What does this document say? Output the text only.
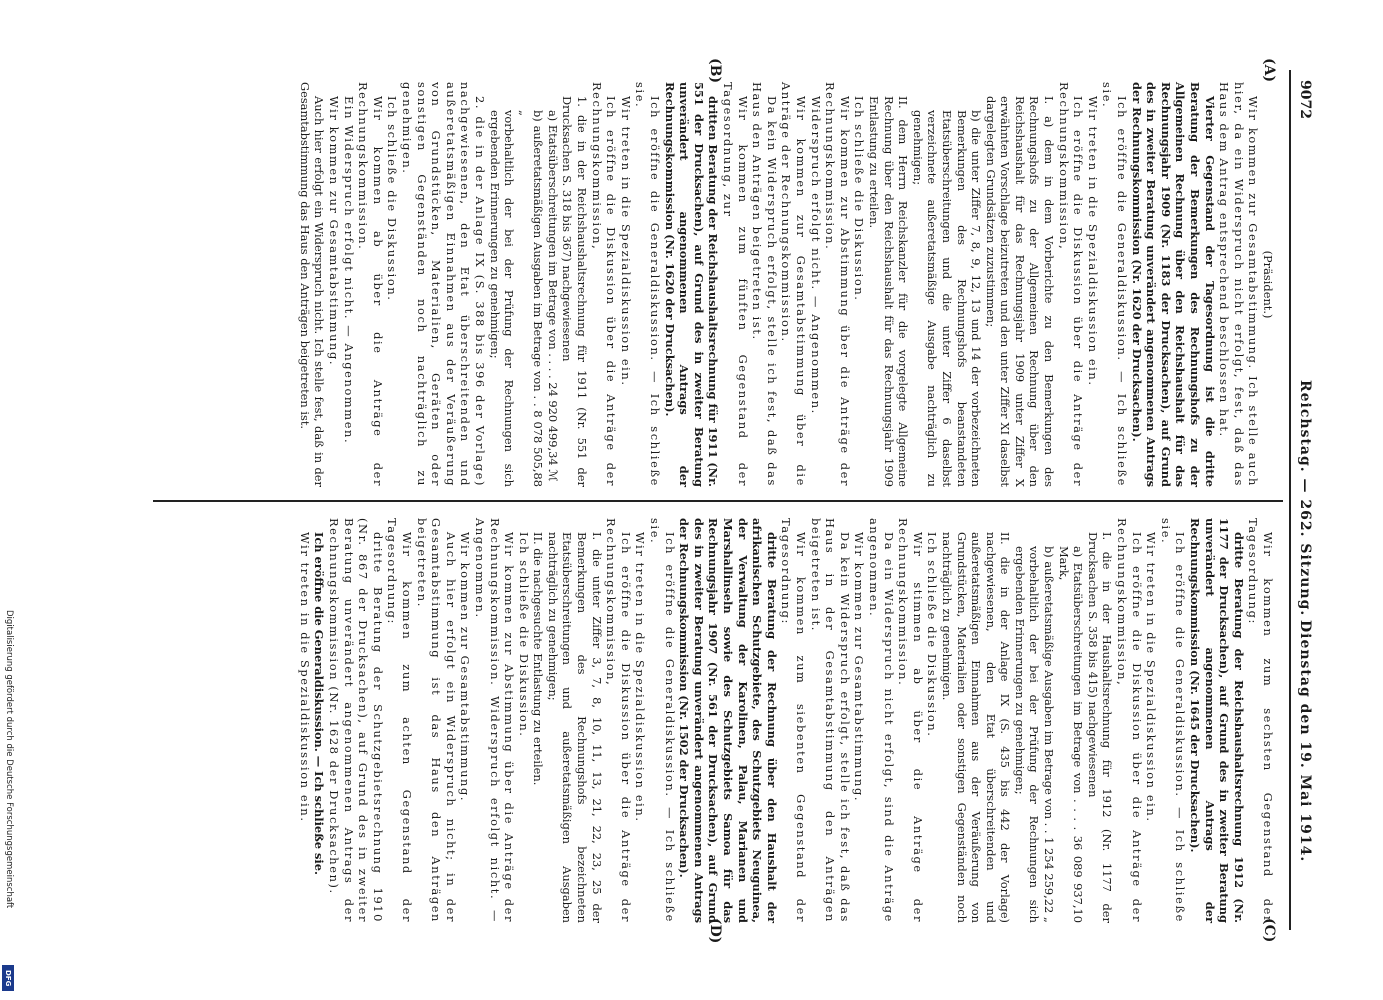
9072
Reichstag. — 262. Sitzung.
Dienstag den 19. Mai 1914.
(A)
(B)
(C)
(D)

(Präsident.)

Wir kommen zur Gesamtabstimmung. Ich stelle auch hier, da ein Widerspruch nicht erfolgt, fest, daß das Haus dem Antrag entsprechend beschlossen hat.

Vierter Gegenstand der Tagesordnung ist die dritte Beratung der Bemerkungen des Rechnungshofs zu der Allgemeinen Rechnung über den Reichshaushalt für das Rechnungsjahr 1909 (Nr. 1183 der Drucksachen), auf Grund des in zweiter Beratung unverändert angenommenen Antrags der Rechnungskommission (Nr. 1620 der Drucksachen).

Ich eröffne die Generaldiskussion. — Ich schließe sie.

Wir treten in die Spezialdiskussion ein.

Ich eröffne die Diskussion über die Anträge der Rechnungskommission,

I. a) dem in dem Vorberichte zu den Bemerkungen des Rechnungshofs zu der Allgemeinen Rechnung über den Reichshaushalt für das Rechnungsjahr 1909 unter Ziffer X erwähnten Vorschlage beizutreten und den unter Ziffer XI daselbst dargelegten Grundsätzen zuzustimmen;

b) die unter Ziffer 7, 8, 9, 12, 13 und 14 der vorbezeichneten Bemerkungen des Rechnungshofs beanstandeten Etatsüberschreitungen und die unter Ziffer 6 daselbst verzeichnete außeretatsmäßige Ausgabe nachträglich zu genehmigen;

II. dem Herrn Reichskanzler für die vorgelegte Allgemeine Rechnung über den Reichshaushalt für das Rechnungsjahr 1909 Entlastung zu erteilen.

Ich schließe die Diskussion.

Wir kommen zur Abstimmung über die Anträge der Rechnungskommission.

Widerspruch erfolgt nicht. — Angenommen.

Wir kommen zur Gesamtabstimmung über die Anträge der Rechnungskommission.

Da kein Widerspruch erfolgt, stelle ich fest, daß das Haus den Anträgen beigetreten ist.

Wir kommen zum fünften Gegenstand der Tagesordnung, zur

dritten Beratung der Reichshaushaltsrechnung für 1911 (Nr. 551 der Drucksachen), auf Grund des in zweiter Beratung unverändert angenommenen Antrags der Rechnungskommission (Nr. 1620 der Drucksachen).

Ich eröffne die Generaldiskussion. — Ich schließe sie.

Wir treten in die Spezialdiskussion ein.

Ich eröffne die Diskussion über die Anträge der Rechnungskommission,

1. die in der Reichshaushaltsrechnung für 1911 (Nr. 551 der Drucksachen S. 318 bis 367) nachgewiesenen

a) Etatsüberschreitungen im Betrage von . . . . 24 920 499,34 ℳ

b) außeretatsmäßigen Ausgaben im Betrage von . . 8 078 505,88 „

vorbehaltlich der bei der Prüfung der Rechnungen sich ergebenden Erinnerungen zu genehmigen;

2. die in der Anlage IX (S. 388 bis 396 der Vorlage) nachgewiesenen, den Etat überschreitenden und außeretatsmäßigen Einnahmen aus der Veräußerung von Grundstücken, Materialien, Geräten oder sonstigen Gegenständen noch nachträglich zu genehmigen.

Ich schließe die Diskussion.

Wir kommen ab über die Anträge der Rechnungskommission.

Ein Widerspruch erfolgt nicht. — Angenommen.

Wir kommen zur Gesamtabstimmung.

Auch hier erfolgt ein Widerspruch nicht. Ich stelle fest, daß in der Gesamtabstimmung das Haus den Anträgen beigetreten ist.

Wir kommen zum sechsten Gegenstand der Tagesordnung:

dritte Beratung der Reichshaushaltsrechnung 1912 (Nr. 1177 der Drucksachen), auf Grund des in zweiter Beratung unverändert angenommenen Antrags der Rechnungskommission (Nr. 1645 der Drucksachen).

Ich eröffne die Generaldiskussion. — Ich schließe sie.

Wir treten in die Spezialdiskussion ein.

Ich eröffne die Diskussion über die Anträge der Rechnungskommission,

I. die in der Haushaltsrechnung für 1912 (Nr. 1177 der Drucksachen S. 358 bis 415) nachgewiesenen

a) Etatsüberschreitungen im Betrage von . . . . 36 089 937,10 Mark,

b) außeretatsmäßige Ausgaben im Betrage von . . 1 254 259,22 „

vorbehaltlich der bei der Prüfung der Rechnungen sich ergebenden Erinnerungen zu genehmigen;

II. die in der Anlage IX (S. 435 bis 442 der Vorlage) nachgewiesenen, den Etat überschreitenden und außeretatsmäßigen Einnahmen aus der Veräußerung von Grundstücken, Materialien oder sonstigen Gegenständen noch nachträglich zu genehmigen.

Ich schließe die Diskussion.

Wir stimmen ab über die Anträge der Rechnungskommission.

Da ein Widerspruch nicht erfolgt, sind die Anträge angenommen.

Wir kommen zur Gesamtabstimmung.

Da kein Widerspruch erfolgt, stelle ich fest, daß das Haus in der Gesamtabstimmung den Anträgen beigetreten ist.

Wir kommen zum siebenten Gegenstand der Tagesordnung:

dritte Beratung der Rechnung über den Haushalt der afrikanischen Schutzgebiete, des Schutzgebiets Neuguinea, der Verwaltung der Karolinen, Palau, Marianen und Marshallinseln sowie des Schutzgebiets Samoa für das Rechnungsjahr 1907 (Nr. 561 der Drucksachen), auf Grund des in zweiter Beratung unverändert angenommenen Antrags der Rechnungskommission (Nr. 1502 der Drucksachen).

Ich eröffne die Generaldiskussion. — Ich schließe sie.

Wir treten in die Spezialdiskussion ein.

Ich eröffne die Diskussion über die Anträge der Rechnungskommission,

I. die unter Ziffer 3, 7, 8, 10, 11, 13, 21, 22, 23, 25 der Bemerkungen des Rechnungshofs bezeichneten Etatsüberschreitungen und außeretatsmäßigen Ausgaben nachträglich zu genehmigen;

II. die nachgesuchte Entlastung zu erteilen.

Ich schließe die Diskussion.

Wir kommen zur Abstimmung über die Anträge der Rechnungskommission. Widerspruch erfolgt nicht. — Angenommen.

Wir kommen zur Gesamtabstimmung.

Auch hier erfolgt ein Widerspruch nicht; in der Gesamtabstimmung ist das Haus den Anträgen beigetreten.

Wir kommen zum achten Gegenstand der Tagesordnung:

dritte Beratung der Schutzgebietsrechnung 1910 (Nr. 867 der Drucksachen), auf Grund des in zweiter Beratung unverändert angenommenen Antrags der Rechnungskommission (Nr. 1628 der Drucksachen).

Ich eröffne die Generaldiskussion. — Ich schließe sie.

Wir treten in die Spezialdiskussion ein.

Digitalisierung gefördert durch die Deutsche Forschungsgemeinschaft
DFG
